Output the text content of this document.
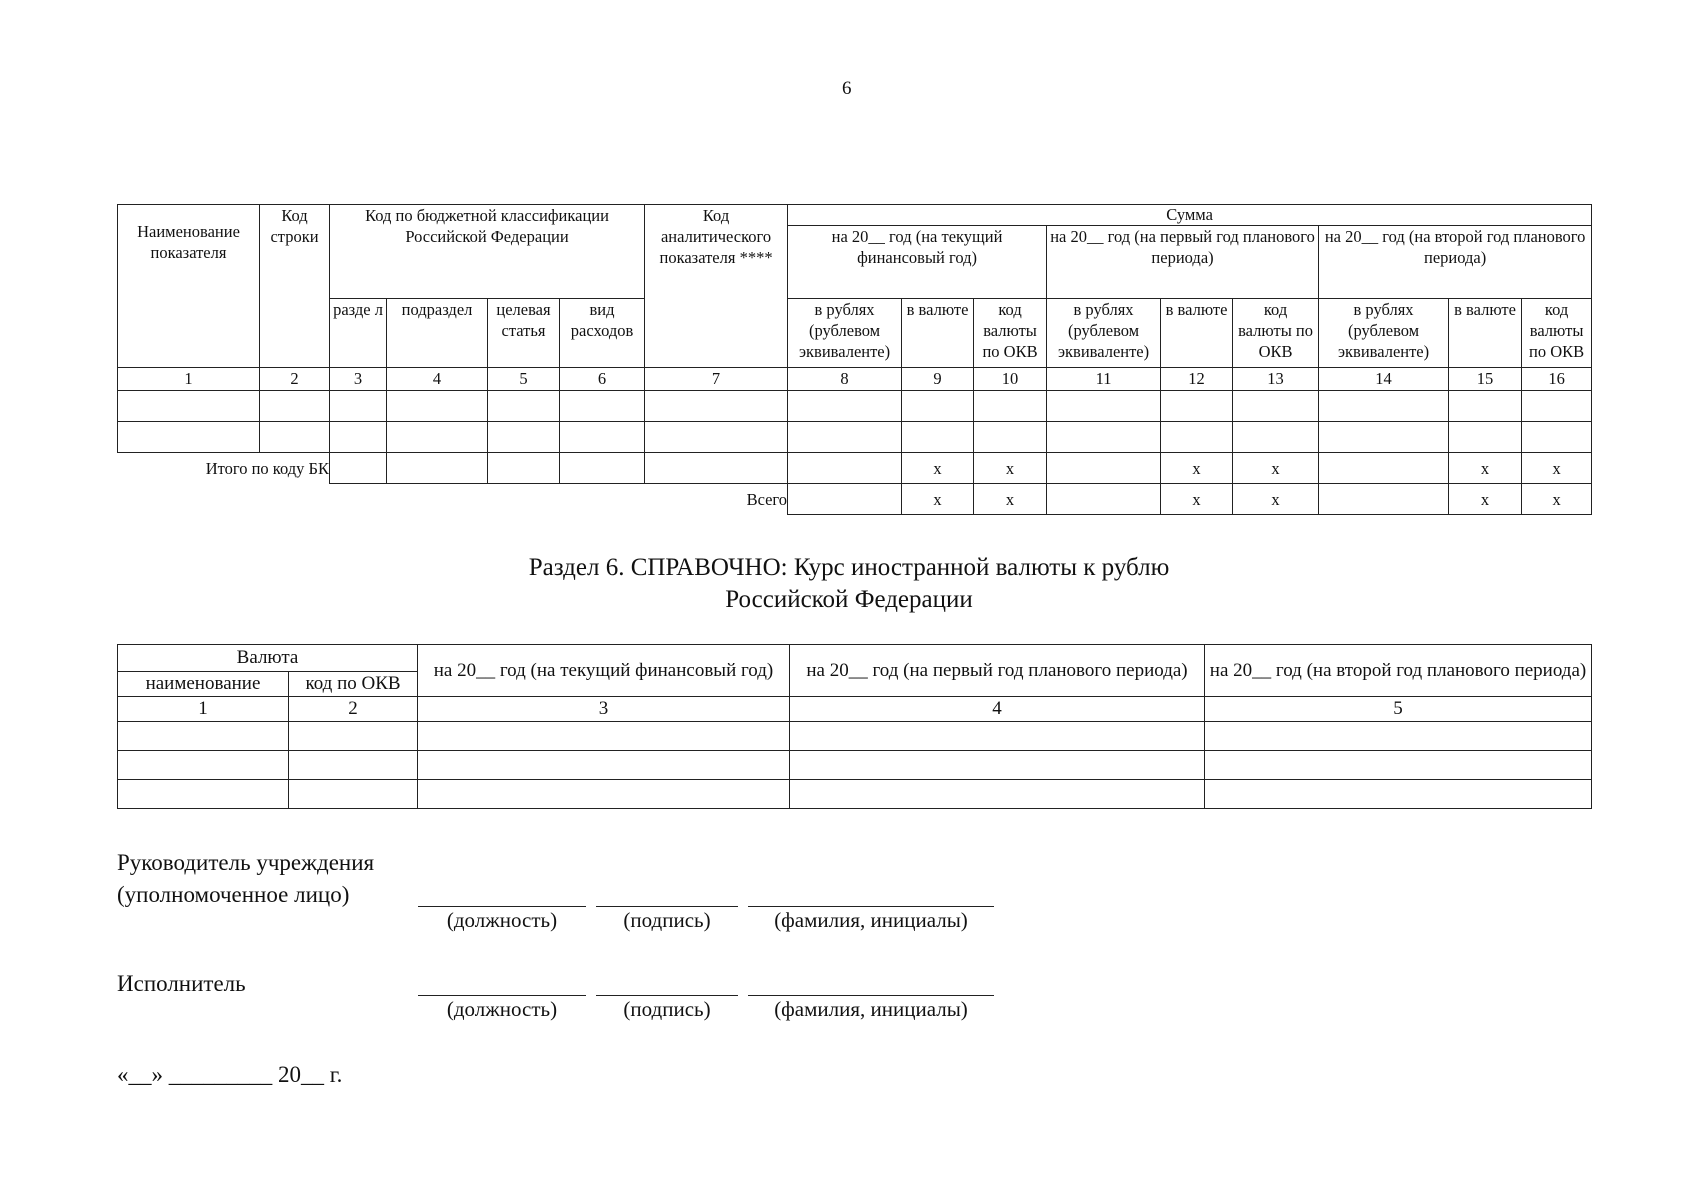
6
Наименование показателя	Код строки	Код по бюджетной классификации Российской Федерации				Код аналитического показателя ****	Сумма								
							на 20__ год (на текущий финансовый год)			на 20__ год (на первый год планового периода)			на 20__ год (на второй год планового периода)		
		разде л	подраздел	целевая статья	вид расходов		в рублях (рублевом эквиваленте)	в валюте	код валюты по ОКВ	в рублях (рублевом эквиваленте)	в валюте	код валюты по ОКВ	в рублях (рублевом эквиваленте)	в валюте	код валюты по ОКВ
1	2	3	4	5	6	7	8	9	10	11	12	13	14	15	16

Итого по коду БК								x	x		x	x		x	x
						Всего		x	x		x	x		x	x
Раздел 6. СПРАВОЧНО: Курс иностранной валюты к рублю
Российской Федерации
Валюта		на 20__ год (на текущий финансовый год)	на 20__ год (на первый год планового периода)	на 20__ год (на второй год планового периода)
наименование	код по ОКВ			
1	2	3	4	5

Руководитель учреждения
(уполномоченное лицо)
(должность)	(подпись)	(фамилия, инициалы)
Исполнитель
(должность)	(подпись)	(фамилия, инициалы)
«__» _________ 20__ г.
